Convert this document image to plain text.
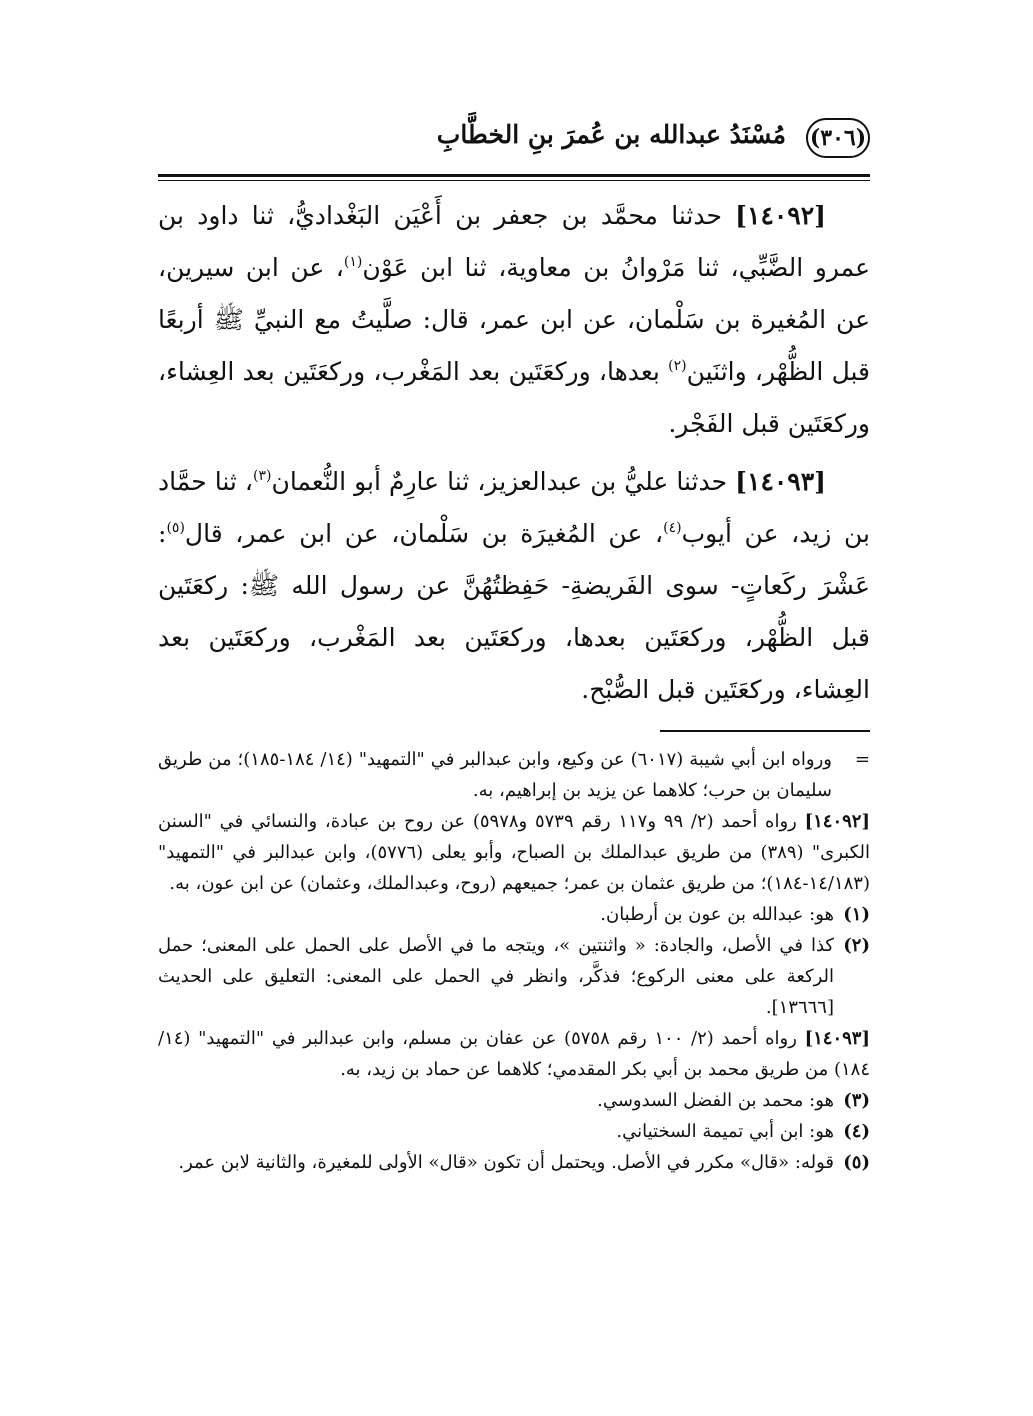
(٣٠٦)
مُسْنَدُ عبدالله بن عُمرَ بنِ الخطَّابِ

[١٤٠٩٢] حدثنا محمَّد بن جعفر بن أَعْيَن البَغْداديُّ، ثنا داود بن عمرو الضَّبِّي، ثنا مَرْوانُ بن معاوية، ثنا ابن عَوْن$^{(١)}$، عن ابن سيرين، عن المُغيرة بن سَلْمان، عن ابن عمر، قال: صلَّيتُ مع النبيِّ ﷺ أربعًا قبل الظُّهْر، واثنَين$^{(٢)}$ بعدها، وركعَتَين بعد المَغْرب، وركعَتَين بعد العِشاء، وركعَتَين قبل الفَجْر.

[١٤٠٩٣] حدثنا عليُّ بن عبدالعزيز، ثنا عارِمٌ أبو النُّعمان$^{(٣)}$، ثنا حمَّاد بن زيد، عن أيوب$^{(٤)}$، عن المُغيرَة بن سَلْمان، عن ابن عمر، قال$^{(٥)}$: عَشْرَ ركَعاتٍ- سوى الفَريضةِ- حَفِظتُهُنَّ عن رسول الله ﷺ: ركعَتَين قبل الظُّهْر، وركعَتَين بعدها، وركعَتَين بعد المَغْرب، وركعَتَين بعد العِشاء، وركعَتَين قبل الصُّبْح.

=
ورواه ابن أبي شيبة (٦٠١٧) عن وكيع، وابن عبدالبر في "التمهيد" (١٤/ ١٨٤-١٨٥)؛ من طريق سليمان بن حرب؛ كلاهما عن يزيد بن إبراهيم، به.

[١٤٠٩٢] رواه أحمد (٢/ ٩٩ و١١٧ رقم ٥٧٣٩ و٥٩٧٨) عن روح بن عبادة، والنسائي في "السنن الكبرى" (٣٨٩) من طريق عبدالملك بن الصباح، وأبو يعلى (٥٧٧٦)، وابن عبدالبر في "التمهيد" (١٤/١٨٣-١٨٤)؛ من طريق عثمان بن عمر؛ جميعهم (روح، وعبدالملك، وعثمان) عن ابن عون، به.

(١)
هو: عبدالله بن عون بن أرطبان.

(٢)
كذا في الأصل، والجادة: « واثنتين »، ويتجه ما في الأصل على الحمل على المعنى؛ حمل الركعة على معنى الركوع؛ فذكَّر، وانظر في الحمل على المعنى: التعليق على الحديث [١٣٦٦٦].

[١٤٠٩٣] رواه أحمد (٢/ ١٠٠ رقم ٥٧٥٨) عن عفان بن مسلم، وابن عبدالبر في "التمهيد" (١٤/ ١٨٤) من طريق محمد بن أبي بكر المقدمي؛ كلاهما عن حماد بن زيد، به.

(٣)
هو: محمد بن الفضل السدوسي.

(٤)
هو: ابن أبي تميمة السختياني.

(٥)
قوله: «قال» مكرر في الأصل. ويحتمل أن تكون «قال» الأولى للمغيرة، والثانية لابن عمر.
